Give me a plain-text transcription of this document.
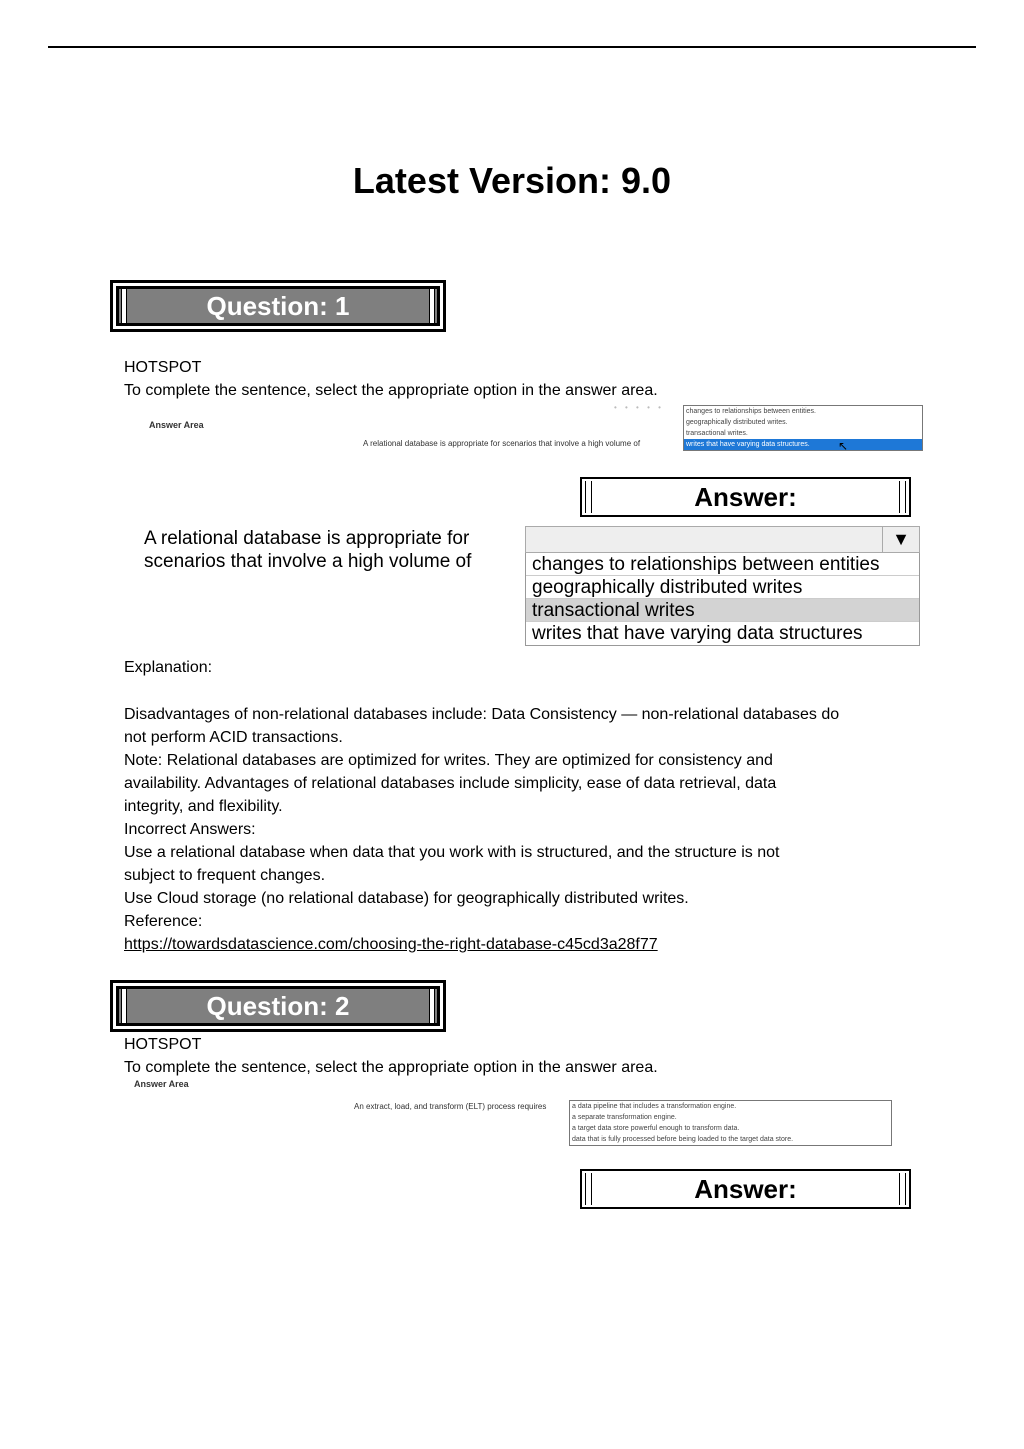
Latest Version: 9.0
Question: 1
HOTSPOT
To complete the sentence, select the appropriate option in the answer area.
Answer Area
• • • • •
A relational database is appropriate for scenarios that involve a high volume of
changes to relationships between entities.
geographically distributed writes.
transactional writes.
writes that have varying data structures.	↖
Answer:
A relational database is appropriate for
scenarios that involve a high volume of
▼
changes to relationships between entities
geographically distributed writes
transactional writes
writes that have varying data structures
Explanation:
Disadvantages of non-relational databases include: Data Consistency — non-relational databases do
not perform ACID transactions.
Note: Relational databases are optimized for writes. They are optimized for consistency and
availability. Advantages of relational databases include simplicity, ease of data retrieval, data
integrity, and flexibility.
Incorrect Answers:
Use a relational database when data that you work with is structured, and the structure is not
subject to frequent changes.
Use Cloud storage (no relational database) for geographically distributed writes.
Reference:
https://towardsdatascience.com/choosing-the-right-database-c45cd3a28f77
Question: 2
HOTSPOT
To complete the sentence, select the appropriate option in the answer area.
Answer Area
An extract, load, and transform (ELT) process requires	a data pipeline that includes a transformation engine.
a separate transformation engine.
a target data store powerful enough to transform data.
data that is fully processed before being loaded to the target data store.
Answer:
